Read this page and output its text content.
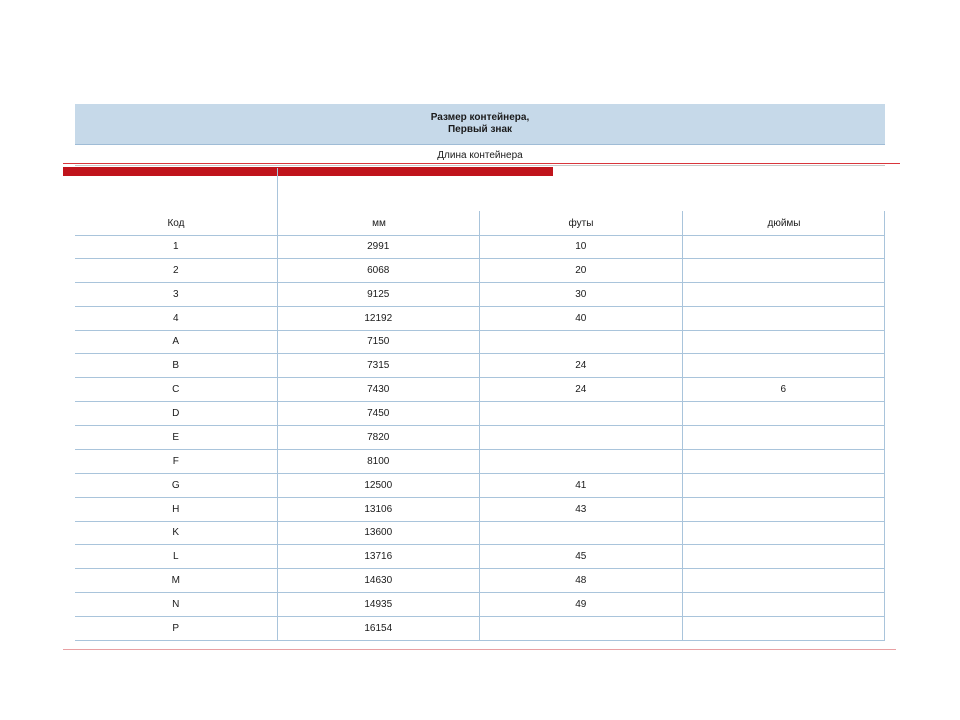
Размер контейнера,
Первый знак
Длина контейнера
Код	мм	футы	дюймы
1	2991	10
2	6068	20
3	9125	30
4	12192	40
A	7150
B	7315	24
C	7430	24	6
D	7450
E	7820
F	8100
G	12500	41
H	13106	43
K	13600
L	13716	45
M	14630	48
N	14935	49
P	16154
